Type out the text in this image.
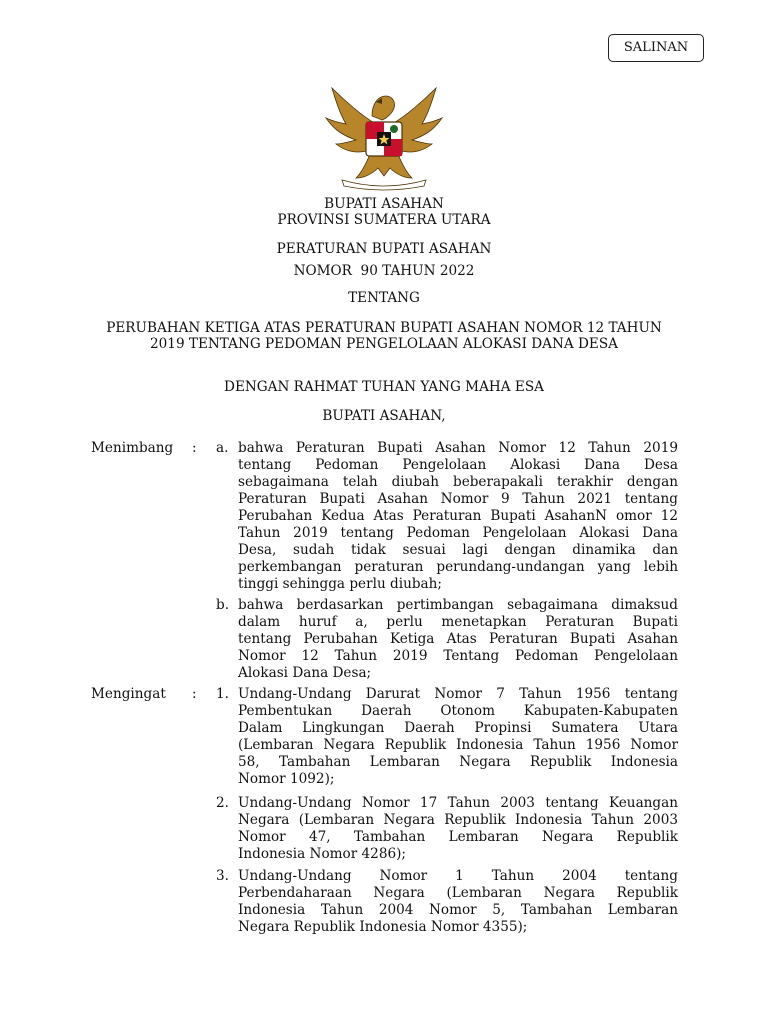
SALINAN
BUPATI ASAHAN
PROVINSI SUMATERA UTARA
PERATURAN BUPATI ASAHAN
NOMOR  90 TAHUN 2022
TENTANG
PERUBAHAN KETIGA ATAS PERATURAN BUPATI ASAHAN NOMOR 12 TAHUN
2019 TENTANG PEDOMAN PENGELOLAAN ALOKASI DANA DESA
DENGAN RAHMAT TUHAN YANG MAHA ESA
BUPATI ASAHAN,
Menimbang : a. bahwa Peraturan Bupati Asahan Nomor 12 Tahun 2019
tentang Pedoman Pengelolaan Alokasi Dana Desa
sebagaimana telah diubah beberapakali terakhir dengan
Peraturan Bupati Asahan Nomor 9 Tahun 2021 tentang
Perubahan Kedua Atas Peraturan Bupati AsahanN omor 12
Tahun 2019 tentang Pedoman Pengelolaan Alokasi Dana
Desa, sudah tidak sesuai lagi dengan dinamika dan
perkembangan peraturan perundang-undangan yang lebih
tinggi sehingga perlu diubah;
b. bahwa berdasarkan pertimbangan sebagaimana dimaksud
dalam huruf a, perlu menetapkan Peraturan Bupati
tentang Perubahan Ketiga Atas Peraturan Bupati Asahan
Nomor 12 Tahun 2019 Tentang Pedoman Pengelolaan
Alokasi Dana Desa;
Mengingat : 1. Undang-Undang Darurat Nomor 7 Tahun 1956 tentang
Pembentukan Daerah Otonom Kabupaten-Kabupaten
Dalam Lingkungan Daerah Propinsi Sumatera Utara
(Lembaran Negara Republik Indonesia Tahun 1956 Nomor
58, Tambahan Lembaran Negara Republik Indonesia
Nomor 1092);
2. Undang-Undang Nomor 17 Tahun 2003 tentang Keuangan
Negara (Lembaran Negara Republik Indonesia Tahun 2003
Nomor 47, Tambahan Lembaran Negara Republik
Indonesia Nomor 4286);
3. Undang-Undang Nomor 1 Tahun 2004 tentang
Perbendaharaan Negara (Lembaran Negara Republik
Indonesia Tahun 2004 Nomor 5, Tambahan Lembaran
Negara Republik Indonesia Nomor 4355);
